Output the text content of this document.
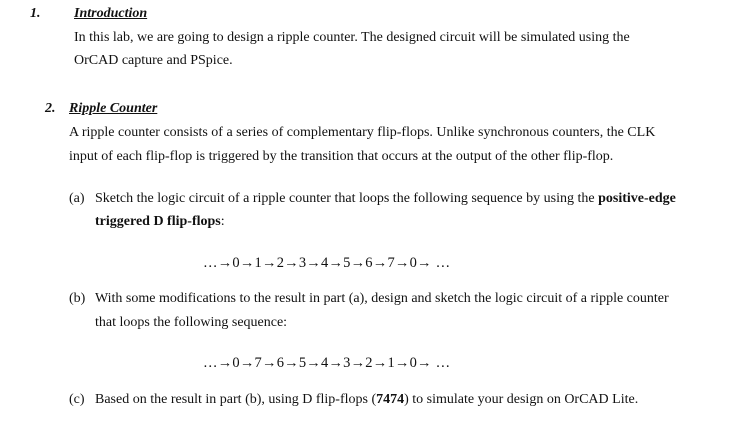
1. Introduction
In this lab, we are going to design a ripple counter. The designed circuit will be simulated using the
OrCAD capture and PSpice.
2. Ripple Counter
A ripple counter consists of a series of complementary flip-flops. Unlike synchronous counters, the CLK
input of each flip-flop is triggered by the transition that occurs at the output of the other flip-flop.
(a) Sketch the logic circuit of a ripple counter that loops the following sequence by using the positive-edge
triggered D flip-flops:
…→0→1→2→3→4→5→6→7→0→ …
(b) With some modifications to the result in part (a), design and sketch the logic circuit of a ripple counter
that loops the following sequence:
…→0→7→6→5→4→3→2→1→0→ …
(c) Based on the result in part (b), using D flip-flops (7474) to simulate your design on OrCAD Lite.
